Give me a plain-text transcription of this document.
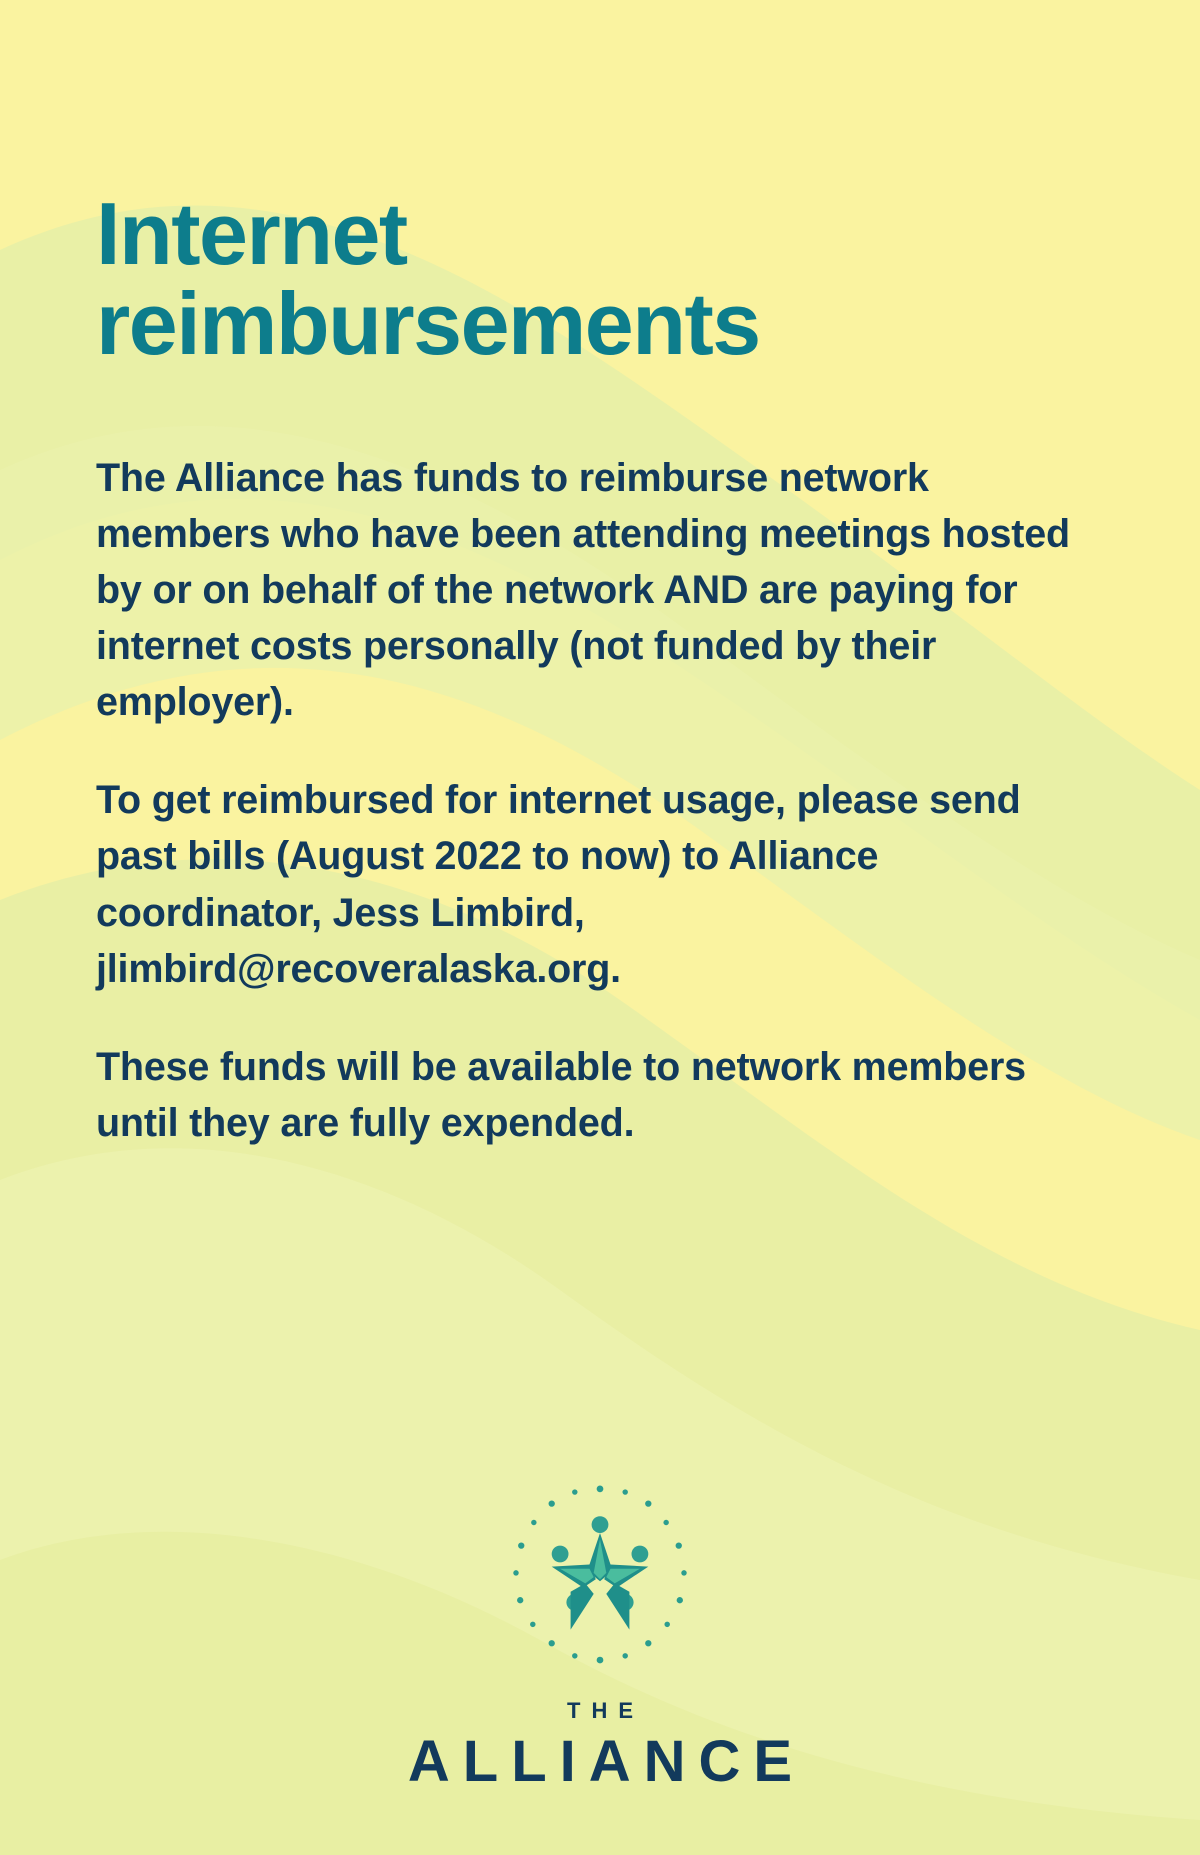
Internet reimbursements

The Alliance has funds to reimburse network members who have been attending meetings hosted by or on behalf of the network AND are paying for internet costs personally (not funded by their employer).

To get reimbursed for internet usage, please send past bills (August 2022 to now) to Alliance coordinator, Jess Limbird, jlimbird@recoveralaska.org.

These funds will be available to network members until they are fully expended.

THE
ALLIANCE
